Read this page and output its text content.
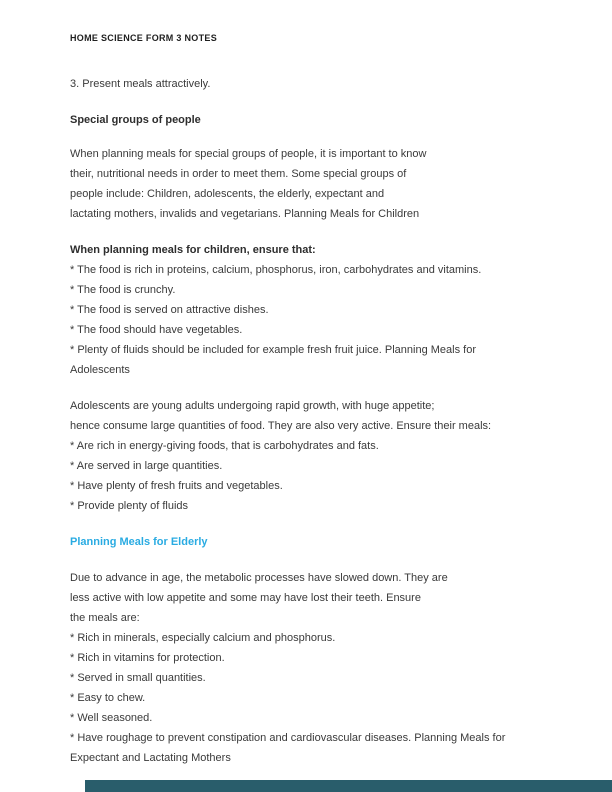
HOME SCIENCE FORM 3 NOTES
3. Present meals attractively.
Special groups of people
When planning meals for special groups of people, it is important to know
their, nutritional needs in order to meet them. Some special groups of
people include: Children, adolescents, the elderly, expectant and
lactating mothers, invalids and vegetarians. Planning Meals for Children
When planning meals for children, ensure that:
* The food is rich in proteins, calcium, phosphorus, iron, carbohydrates and vitamins.
* The food is crunchy.
* The food is served on attractive dishes.
* The food should have vegetables.
* Plenty of fluids should be included for example fresh fruit juice. Planning Meals for
Adolescents
Adolescents are young adults undergoing rapid growth, with huge appetite;
hence consume large quantities of food. They are also very active. Ensure their meals:
* Are rich in energy-giving foods, that is carbohydrates and fats.
* Are served in large quantities.
* Have plenty of fresh fruits and vegetables.
* Provide plenty of fluids
Planning Meals for Elderly
Due to advance in age, the metabolic processes have slowed down. They are
less active with low appetite and some may have lost their teeth. Ensure
the meals are:
* Rich in minerals, especially calcium and phosphorus.
* Rich in vitamins for protection.
* Served in small quantities.
* Easy to chew.
* Well seasoned.
* Have roughage to prevent constipation and cardiovascular diseases. Planning Meals for
Expectant and Lactating Mothers
